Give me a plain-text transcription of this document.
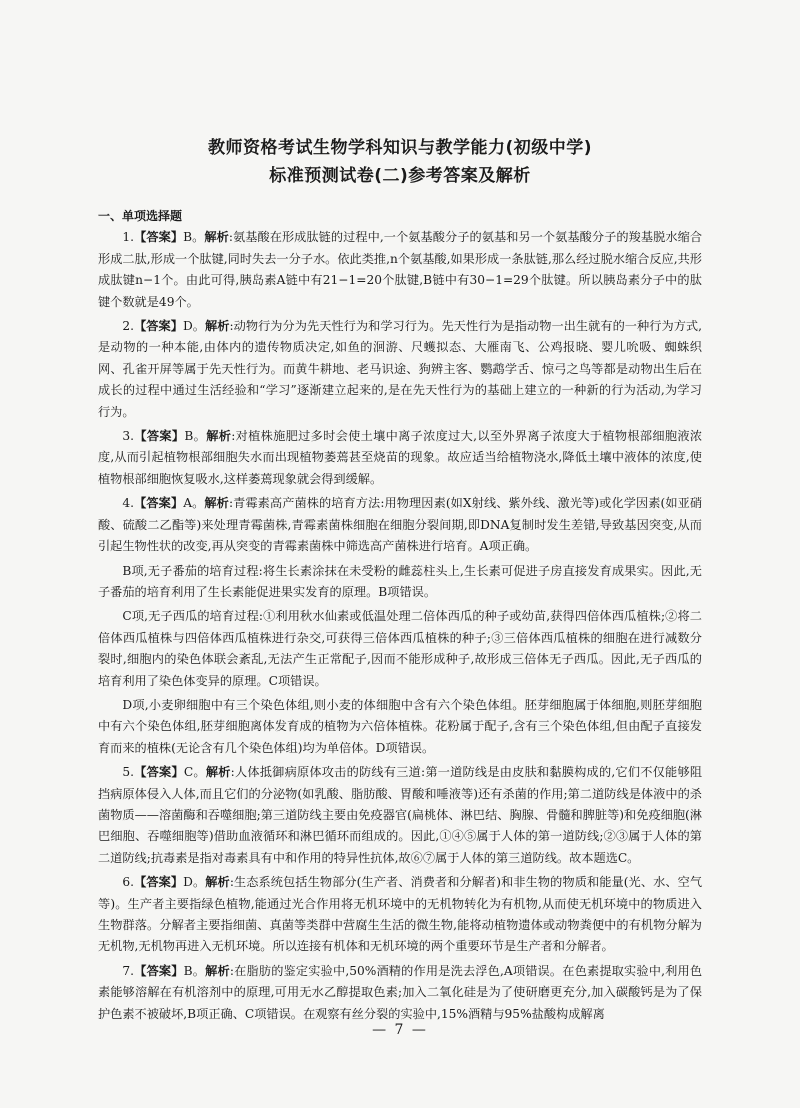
教师资格考试生物学科知识与教学能力(初级中学)
标准预测试卷(二)参考答案及解析

一、单项选择题

1.【答案】B。解析:氨基酸在形成肽链的过程中,一个氨基酸分子的氨基和另一个氨基酸分子的羧基脱水缩合形成二肽,形成一个肽键,同时失去一分子水。依此类推,n个氨基酸,如果形成一条肽链,那么经过脱水缩合反应,共形成肽键n−1个。由此可得,胰岛素A链中有21−1=20个肽键,B链中有30−1=29个肽键。所以胰岛素分子中的肽键个数就是49个。

2.【答案】D。解析:动物行为分为先天性行为和学习行为。先天性行为是指动物一出生就有的一种行为方式,是动物的一种本能,由体内的遗传物质决定,如鱼的洄游、尺蠖拟态、大雁南飞、公鸡报晓、婴儿吮吸、蜘蛛织网、孔雀开屏等属于先天性行为。而黄牛耕地、老马识途、狗辨主客、鹦鹉学舌、惊弓之鸟等都是动物出生后在成长的过程中通过生活经验和“学习”逐渐建立起来的,是在先天性行为的基础上建立的一种新的行为活动,为学习行为。

3.【答案】B。解析:对植株施肥过多时会使土壤中离子浓度过大,以至外界离子浓度大于植物根部细胞液浓度,从而引起植物根部细胞失水而出现植物萎蔫甚至烧苗的现象。故应适当给植物浇水,降低土壤中液体的浓度,使植物根部细胞恢复吸水,这样萎蔫现象就会得到缓解。

4.【答案】A。解析:青霉素高产菌株的培育方法:用物理因素(如X射线、紫外线、激光等)或化学因素(如亚硝酸、硫酸二乙酯等)来处理青霉菌株,青霉素菌株细胞在细胞分裂间期,即DNA复制时发生差错,导致基因突变,从而引起生物性状的改变,再从突变的青霉素菌株中筛选高产菌株进行培育。A项正确。

B项,无子番茄的培育过程:将生长素涂抹在未受粉的雌蕊柱头上,生长素可促进子房直接发育成果实。因此,无子番茄的培育利用了生长素能促进果实发育的原理。B项错误。

C项,无子西瓜的培育过程:①利用秋水仙素或低温处理二倍体西瓜的种子或幼苗,获得四倍体西瓜植株;②将二倍体西瓜植株与四倍体西瓜植株进行杂交,可获得三倍体西瓜植株的种子;③三倍体西瓜植株的细胞在进行减数分裂时,细胞内的染色体联会紊乱,无法产生正常配子,因而不能形成种子,故形成三倍体无子西瓜。因此,无子西瓜的培育利用了染色体变异的原理。C项错误。

D项,小麦卵细胞中有三个染色体组,则小麦的体细胞中含有六个染色体组。胚芽细胞属于体细胞,则胚芽细胞中有六个染色体组,胚芽细胞离体发育成的植物为六倍体植株。花粉属于配子,含有三个染色体组,但由配子直接发育而来的植株(无论含有几个染色体组)均为单倍体。D项错误。

5.【答案】C。解析:人体抵御病原体攻击的防线有三道:第一道防线是由皮肤和黏膜构成的,它们不仅能够阻挡病原体侵入人体,而且它们的分泌物(如乳酸、脂肪酸、胃酸和唾液等)还有杀菌的作用;第二道防线是体液中的杀菌物质——溶菌酶和吞噬细胞;第三道防线主要由免疫器官(扁桃体、淋巴结、胸腺、骨髓和脾脏等)和免疫细胞(淋巴细胞、吞噬细胞等)借助血液循环和淋巴循环而组成的。因此,①④⑤属于人体的第一道防线;②③属于人体的第二道防线;抗毒素是指对毒素具有中和作用的特异性抗体,故⑥⑦属于人体的第三道防线。故本题选C。

6.【答案】D。解析:生态系统包括生物部分(生产者、消费者和分解者)和非生物的物质和能量(光、水、空气等)。生产者主要指绿色植物,能通过光合作用将无机环境中的无机物转化为有机物,从而使无机环境中的物质进入生物群落。分解者主要指细菌、真菌等类群中营腐生生活的微生物,能将动植物遗体或动物粪便中的有机物分解为无机物,无机物再进入无机环境。所以连接有机体和无机环境的两个重要环节是生产者和分解者。

7.【答案】B。解析:在脂肪的鉴定实验中,50%酒精的作用是洗去浮色,A项错误。在色素提取实验中,利用色素能够溶解在有机溶剂中的原理,可用无水乙醇提取色素;加入二氧化硅是为了使研磨更充分,加入碳酸钙是为了保护色素不被破坏,B项正确、C项错误。在观察有丝分裂的实验中,15%酒精与95%盐酸构成解离

— 7 —
